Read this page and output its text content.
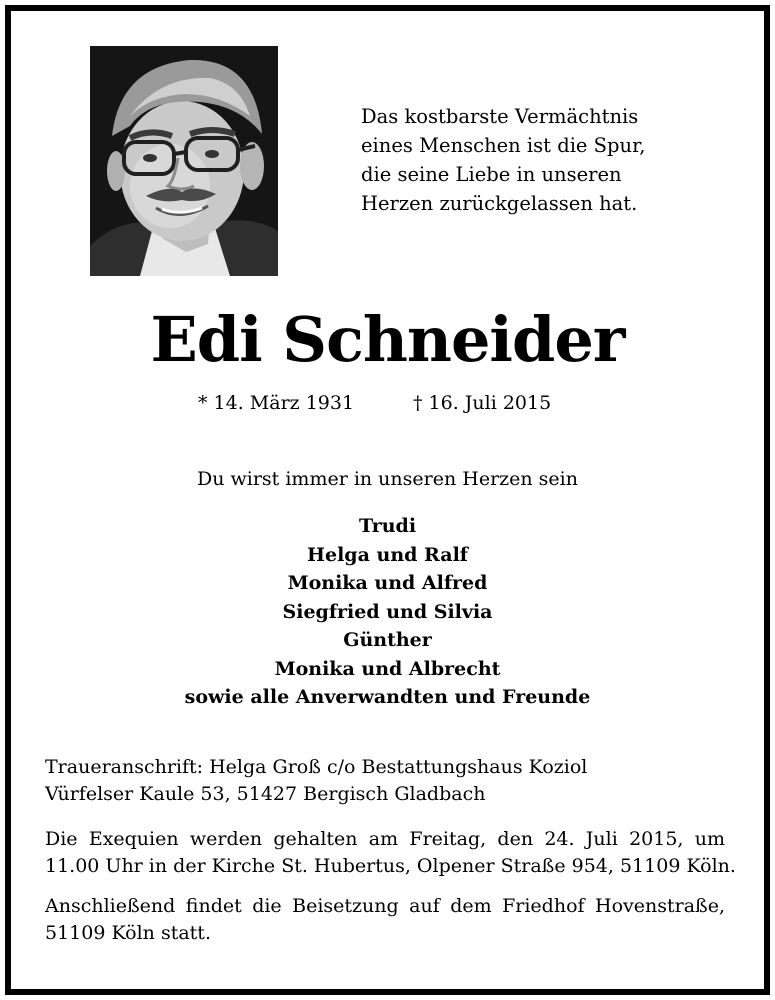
Das kostbarste Vermächtnis
eines Menschen ist die Spur,
die seine Liebe in unseren
Herzen zurückgelassen hat.
Edi Schneider
* 14. März 1931	† 16. Juli 2015
Du wirst immer in unseren Herzen sein
Trudi
Helga und Ralf
Monika und Alfred
Siegfried und Silvia
Günther
Monika und Albrecht
sowie alle Anverwandten und Freunde
Traueranschrift: Helga Groß c/o Bestattungshaus Koziol
Vürfelser Kaule 53, 51427 Bergisch Gladbach
Die Exequien werden gehalten am Freitag, den 24. Juli 2015, um
11.00 Uhr in der Kirche St. Hubertus, Olpener Straße 954, 51109 Köln.
Anschließend findet die Beisetzung auf dem Friedhof Hovenstraße,
51109 Köln statt.
